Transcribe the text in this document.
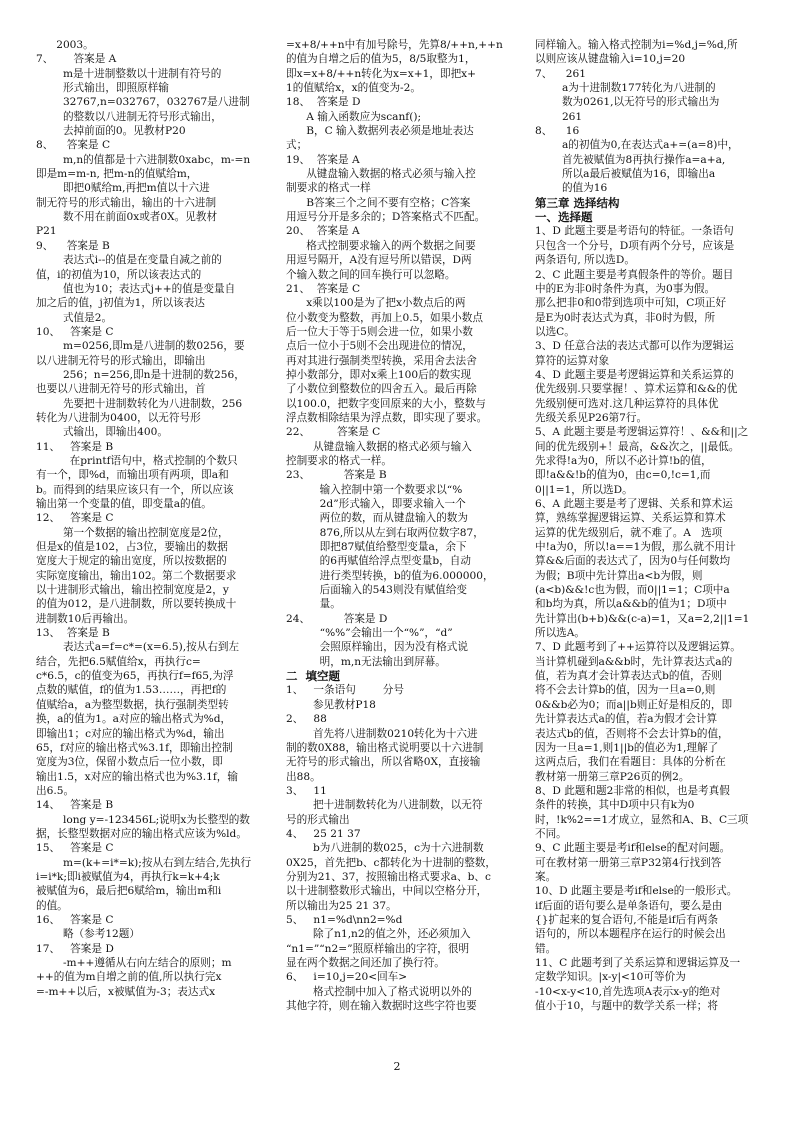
2003。
7、      答案是 A
m是十进制整数以十进制有符号的
形式输出，即照原样输
32767,n=032767，032767是八进制
的整数以八进制无符号形式输出，
去掉前面的0。见教材P20
8、    答案是 C
m,n的值都是十六进制数0xabc，m-=n
即是m=m-n, 把m-n的值赋给m，
即把0赋给m,再把m值以十六进
制无符号的形式输出，输出的十六进制
数不用在前面0x或者0X。见教材
P21
9、    答案是 B
表达式i--的值是在变量自减之前的
值，i的初值为10，所以该表达式的
值也为10；表达式j++的值是变量自
加之后的值，j初值为1，所以该表达
式值是2。
10、   答案是 C
m=0256,即m是八进制的数0256，要
以八进制无符号的形式输出，即输出
256；n=256,即n是十进制的数256，
也要以八进制无符号的形式输出，首
先要把十进制数转化为八进制数，256
转化为八进制为0400，以无符号形
式输出，即输出400。
11、   答案是 B
在printf语句中，格式控制的个数只
有一个，即%d，而输出项有两项，即a和
b。而得到的结果应该只有一个，所以应该
输出第一个变量的值，即变量a的值。
12、   答案是 C
第一个数据的输出控制宽度是2位，
但是x的值是102，占3位，要输出的数据
宽度大于规定的输出宽度，所以按数据的
实际宽度输出，输出102。第二个数据要求
以十进制形式输出，输出控制宽度是2，y
的值为012，是八进制数，所以要转换成十
进制数10后再输出。
13、  答案是 B
表达式a=f=c*=(x=6.5),按从右到左
结合，先把6.5赋值给x，再执行c=
c*6.5，c的值变为65，再执行f=f65,为浮
点数的赋值，f的值为1.53……，再把f的
值赋给a，a为整型数据，执行强制类型转
换，a的值为1。a对应的输出格式为%d，
即输出1；c对应的输出格式为%d，输出
65，f对应的输出格式%3.1f，即输出控制
宽度为3位，保留小数点后一位小数，即
输出1.5，x对应的输出格式也为%3.1f，输
出6.5。
14、   答案是 B
long y=-123456L;说明x为长整型的数
据，长整型数据对应的输出格式应该为%ld。
15、   答案是 C
m=(k+=i*=k);按从右到左结合,先执行
i=i*k;即i被赋值为4，再执行k=k+4;k
被赋值为6，最后把6赋给m，输出m和i
的值。
16、   答案是 C
略（参考12题）
17、   答案是 D
-m++遵循从右向左结合的原则；m
++的值为m自增之前的值,所以执行完x
=-m++以后，x被赋值为-3；表达式x
=x+8/++n中有加号除号，先算8/++n,++n
的值为自增之后的值为5，8/5取整为1，
即x=x+8/++n转化为x=x+1，即把x+
1的值赋给x，x的值变为-2。
18、  答案是 D
A 输入函数应为scanf();
B，C 输入数据列表必须是地址表达
式；
19、  答案是 A
从键盘输入数据的格式必须与输入控
制要求的格式一样
B答案三个之间不要有空格；C答案
用逗号分开是多余的；D答案格式不匹配。
20、  答案是 A
格式控制要求输入的两个数据之间要
用逗号隔开，A没有逗号所以错误，D两
个输入数之间的回车换行可以忽略。
21、  答案是 C
x乘以100是为了把x小数点后的两
位小数变为整数，再加上0.5，如果小数点
后一位大于等于5则会进一位，如果小数
点后一位小于5则不会出现进位的情况，
再对其进行强制类型转换，采用舍去法舍
掉小数部分，即对x乘上100后的数实现
了小数位到整数位的四舍五入。最后再除
以100.0，把数字变回原来的大小，整数与
浮点数相除结果为浮点数，即实现了要求。
22、        答案是 C
从键盘输入数据的格式必须与输入
控制要求的格式一样。
23、          答案是 B
输入控制中第一个数要求以“%
2d”形式输入，即要求输入一个
两位的数，而从键盘输入的数为
876,所以从左到右取两位数字87，
即把87赋值给整型变量a，余下
的6再赋值给浮点型变量b，自动
进行类型转换，b的值为6.000000，
后面输入的543则没有赋值给变
量。
24、          答案是 D
“%%”会输出一个“%”，“d”
会照原样输出，因为没有格式说
明，m,n无法输出到屏幕。
二  填空题
1、   一条语句        分号
参见教材P18
2、   88
首先将八进制数0210转化为十六进
制的数0X88，输出格式说明要以十六进制
无符号的形式输出，所以省略0X，直接输
出88。
3、   11
把十进制数转化为八进制数，以无符
号的形式输出
4、   25 21 37
b为八进制的数025，c为十六进制数
0X25，首先把b、c都转化为十进制的整数，
分别为21、37，按照输出格式要求a、b、c
以十进制整数形式输出，中间以空格分开，
所以输出为25 21 37。
5、   n1=%d\nn2=%d
除了n1,n2的值之外，还必须加入
“n1=”“n2=”照原样输出的字符，很明
显在两个数据之间还加了换行符。
6、   i=10,j=20<回车>
格式控制中加入了格式说明以外的
其他字符，则在输入数据时这些字符也要
同样输入。输入格式控制为i=%d,j=%d,所
以则应该从键盘输入i=10,j=20
7、    261
a为十进制数177转化为八进制的
数为0261,以无符号的形式输出为
261
8、    16
a的初值为0,在表达式a+=(a=8)中，
首先被赋值为8再执行操作a=a+a,
所以a最后被赋值为16，即输出a
的值为16
第三章 选择结构
一、选择题
1、D 此题主要是考语句的特征。一条语句
只包含一个分号，D项有两个分号，应该是
两条语句, 所以选D。
2、C 此题主要是考真假条件的等价。题目
中的E为非0时条件为真，为0事为假。
那么把非0和0带到选项中可知，C项正好
是E为0时表达式为真，非0时为假，所
以选C。
3、D 任意合法的表达式都可以作为逻辑运
算符的运算对象
4、D 此题主要是考逻辑运算和关系运算的
优先级别.只要掌握！、算术运算和&&的优
先级别便可选对.这几种运算符的具体优
先级关系见P26第7行。
5、A 此题主要是考逻辑运算符！、&&和||之
间的优先级别+！最高，&&次之，||最低。
先求得!a为0，所以不必计算!b的值，
即!a&&!b的值为0，由c=0,!c=1,而
0||1=1，所以选D。
6、A 此题主要是考了逻辑、关系和算术运
算，熟练掌握逻辑运算、关系运算和算术
运算的优先级别后，就不难了。A   选项
中!a为0，所以!a==1为假，那么就不用计
算&&后面的表达式了，因为0与任何数均
为假；B项中先计算出a<b为假，则
(a<b)&&!c也为假，而0||1=1；C项中a
和b均为真，所以a&&b的值为1；D项中
先计算出(b+b)&&(c-a)=1，又a=2,2||1=1
所以选A。
7、D 此题考到了++运算符以及逻辑运算。
当计算机碰到a&&b时，先计算表达式a的
值，若为真才会计算表达式b的值，否则
将不会去计算b的值，因为一旦a=0,则
0&&b必为0；而a||b则正好是相反的，即
先计算表达式a的值，若a为假才会计算
表达式b的值，否则将不会去计算b的值，
因为一旦a=1,则1||b的值必为1,理解了
这两点后，我们在看题目：具体的分析在
教材第一册第三章P26页的例2。
8、D 此题和题2非常的相似，也是考真假
条件的转换，其中D项中只有k为0
时，!k%2==1才成立，显然和A、B、C三项
不同。
9、C 此题主要是考if和else的配对问题。
可在教材第一册第三章P32第4行找到答
案。
10、D 此题主要是考if和else的一般形式。
if后面的语句要么是单条语句，要么是由
{}扩起来的复合语句,不能是if后有两条
语句的，所以本题程序在运行的时候会出
错。
11、C 此题考到了关系运算和逻辑运算及一
定数学知识。|x-y|<10可等价为
-10<x-y<10,首先选项A表示x-y的绝对
值小于10，与题中的数学关系一样；将
2
